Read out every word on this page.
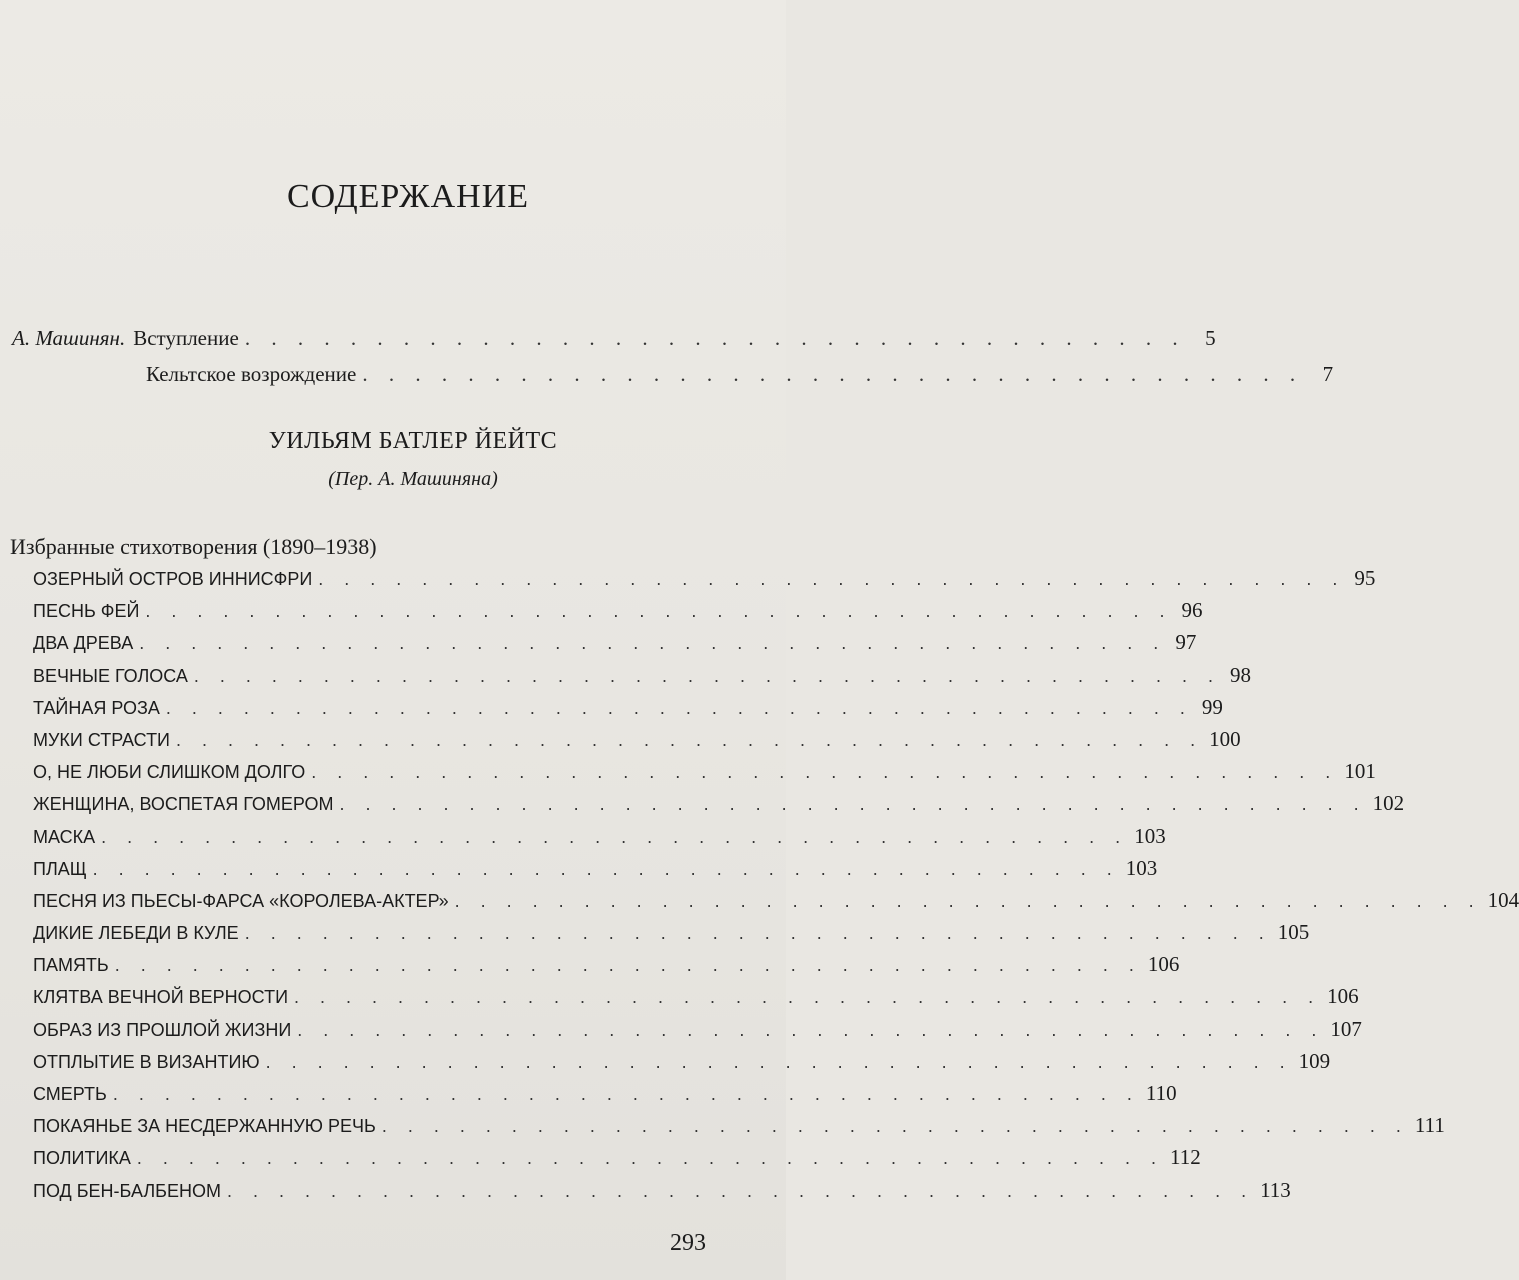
СОДЕРЖАНИЕ
А. Машинян. Вступление . . . . . . . . . . . . . . . . . . . . . . . . . . . . . . . . . . . . 5
Кельтское возрождение . . . . . . . . . . . . . . . . . . . . . . . . . . . . . . . . . . . . 7
УИЛЬЯМ БАТЛЕР ЙЕЙТС
(Пер. А. Машиняна)
Избранные стихотворения (1890–1938)
ОЗЕРНЫЙ ОСТРОВ ИННИСФРИ . . . . . . . . . . . . . . . . . . . . . . . . . . . . . . . . . . . . . . . . 95
ПЕСНЬ ФЕЙ . . . . . . . . . . . . . . . . . . . . . . . . . . . . . . . . . . . . . . . . 96
ДВА ДРЕВА . . . . . . . . . . . . . . . . . . . . . . . . . . . . . . . . . . . . . . . . 97
ВЕЧНЫЕ ГОЛОСА . . . . . . . . . . . . . . . . . . . . . . . . . . . . . . . . . . . . . . . . 98
ТАЙНАЯ РОЗА . . . . . . . . . . . . . . . . . . . . . . . . . . . . . . . . . . . . . . . . 99
МУКИ СТРАСТИ . . . . . . . . . . . . . . . . . . . . . . . . . . . . . . . . . . . . . . . . 100
О, НЕ ЛЮБИ СЛИШКОМ ДОЛГО . . . . . . . . . . . . . . . . . . . . . . . . . . . . . . . . . . . . . . . . 101
ЖЕНЩИНА, ВОСПЕТАЯ ГОМЕРОМ . . . . . . . . . . . . . . . . . . . . . . . . . . . . . . . . . . . . . . . . 102
МАСКА . . . . . . . . . . . . . . . . . . . . . . . . . . . . . . . . . . . . . . . . 103
ПЛАЩ . . . . . . . . . . . . . . . . . . . . . . . . . . . . . . . . . . . . . . . . 103
ПЕСНЯ ИЗ ПЬЕСЫ-ФАРСА «КОРОЛЕВА-АКТЕР» . . . . . . . . . . . . . . . . . . . . . . . . . . . . . . . . . . . . . . . . 104
ДИКИЕ ЛЕБЕДИ В КУЛЕ . . . . . . . . . . . . . . . . . . . . . . . . . . . . . . . . . . . . . . . . 105
ПАМЯТЬ . . . . . . . . . . . . . . . . . . . . . . . . . . . . . . . . . . . . . . . . 106
КЛЯТВА ВЕЧНОЙ ВЕРНОСТИ . . . . . . . . . . . . . . . . . . . . . . . . . . . . . . . . . . . . . . . . 106
ОБРАЗ ИЗ ПРОШЛОЙ ЖИЗНИ . . . . . . . . . . . . . . . . . . . . . . . . . . . . . . . . . . . . . . . . 107
ОТПЛЫТИЕ В ВИЗАНТИЮ . . . . . . . . . . . . . . . . . . . . . . . . . . . . . . . . . . . . . . . . 109
СМЕРТЬ . . . . . . . . . . . . . . . . . . . . . . . . . . . . . . . . . . . . . . . . 110
ПОКАЯНЬЕ ЗА НЕСДЕРЖАННУЮ РЕЧЬ . . . . . . . . . . . . . . . . . . . . . . . . . . . . . . . . . . . . . . . . 111
ПОЛИТИКА . . . . . . . . . . . . . . . . . . . . . . . . . . . . . . . . . . . . . . . . 112
ПОД БЕН-БАЛБЕНОМ . . . . . . . . . . . . . . . . . . . . . . . . . . . . . . . . . . . . . . . . 113
293
